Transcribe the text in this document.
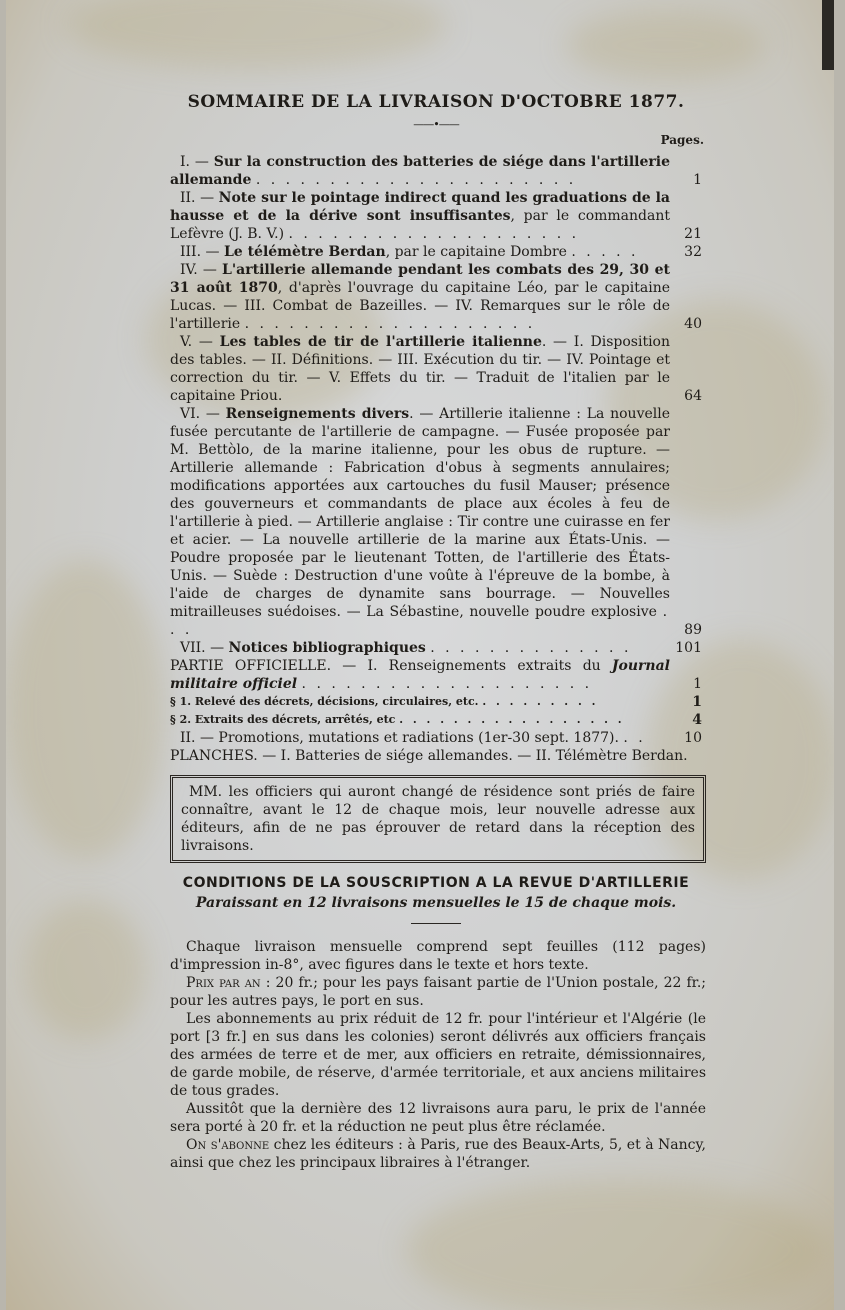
SOMMAIRE DE LA LIVRAISON D'OCTOBRE 1877.
——•——
Pages.
I. — Sur la construction des batteries de siége dans l'artillerie allemande . . . . . . . . . . . . . . . . . . . . . .	1
II. — Note sur le pointage indirect quand les graduations de la hausse et de la dérive sont insuffisantes, par le commandant Lefèvre (J. B. V.) . . . . . . . . . . . . . . . . . . . .	21
III. — Le télémètre Berdan, par le capitaine Dombre . . . . .	32
IV. — L'artillerie allemande pendant les combats des 29, 30 et 31 août 1870, d'après l'ouvrage du capitaine Léo, par le capitaine Lucas. — III. Combat de Bazeilles. — IV. Remarques sur le rôle de l'artillerie . . . . . . . . . . . . . . . . . . . .	40
V. — Les tables de tir de l'artillerie italienne. — I. Disposition des tables. — II. Définitions. — III. Exécution du tir. — IV. Pointage et correction du tir. — V. Effets du tir. — Traduit de l'italien par le capitaine Priou.	64
VI. — Renseignements divers. — Artillerie italienne : La nouvelle fusée percutante de l'artillerie de campagne. — Fusée proposée par M. Bettòlo, de la marine italienne, pour les obus de rupture. — Artillerie allemande : Fabrication d'obus à segments annulaires; modifications apportées aux cartouches du fusil Mauser; présence des gouverneurs et commandants de place aux écoles à feu de l'artillerie à pied. — Artillerie anglaise : Tir contre une cuirasse en fer et acier. — La nouvelle artillerie de la marine aux États-Unis. — Poudre proposée par le lieutenant Totten, de l'artillerie des États-Unis. — Suède : Destruction d'une voûte à l'épreuve de la bombe, à l'aide de charges de dynamite sans bourrage. — Nouvelles mitrailleuses suédoises. — La Sébastine, nouvelle poudre explosive . . .	89
VII. — Notices bibliographiques . . . . . . . . . . . . . .	101
PARTIE OFFICIELLE. — I. Renseignements extraits du Journal militaire officiel . . . . . . . . . . . . . . . . . . . .	1
§ 1. Relevé des décrets, décisions, circulaires, etc. . . . . . . . . .	1
§ 2. Extraits des décrets, arrêtés, etc . . . . . . . . . . . . . . . . .	4
II. — Promotions, mutations et radiations (1er-30 sept. 1877). . .	10
PLANCHES. — I. Batteries de siége allemandes. — II. Télémètre Berdan.
MM. les officiers qui auront changé de résidence sont priés de faire connaître, avant le 12 de chaque mois, leur nouvelle adresse aux éditeurs, afin de ne pas éprouver de retard dans la réception des livraisons.
CONDITIONS DE LA SOUSCRIPTION A LA REVUE D'ARTILLERIE
Paraissant en 12 livraisons mensuelles le 15 de chaque mois.

Chaque livraison mensuelle comprend sept feuilles (112 pages) d'impression in-8°, avec figures dans le texte et hors texte.

Prix par an : 20 fr.; pour les pays faisant partie de l'Union postale, 22 fr.; pour les autres pays, le port en sus.

Les abonnements au prix réduit de 12 fr. pour l'intérieur et l'Algérie (le port [3 fr.] en sus dans les colonies) seront délivrés aux officiers français des armées de terre et de mer, aux officiers en retraite, démissionnaires, de garde mobile, de réserve, d'armée territoriale, et aux anciens militaires de tous grades.

Aussitôt que la dernière des 12 livraisons aura paru, le prix de l'année sera porté à 20 fr. et la réduction ne peut plus être réclamée.

On s'abonne chez les éditeurs : à Paris, rue des Beaux-Arts, 5, et à Nancy, ainsi que chez les principaux libraires à l'étranger.
